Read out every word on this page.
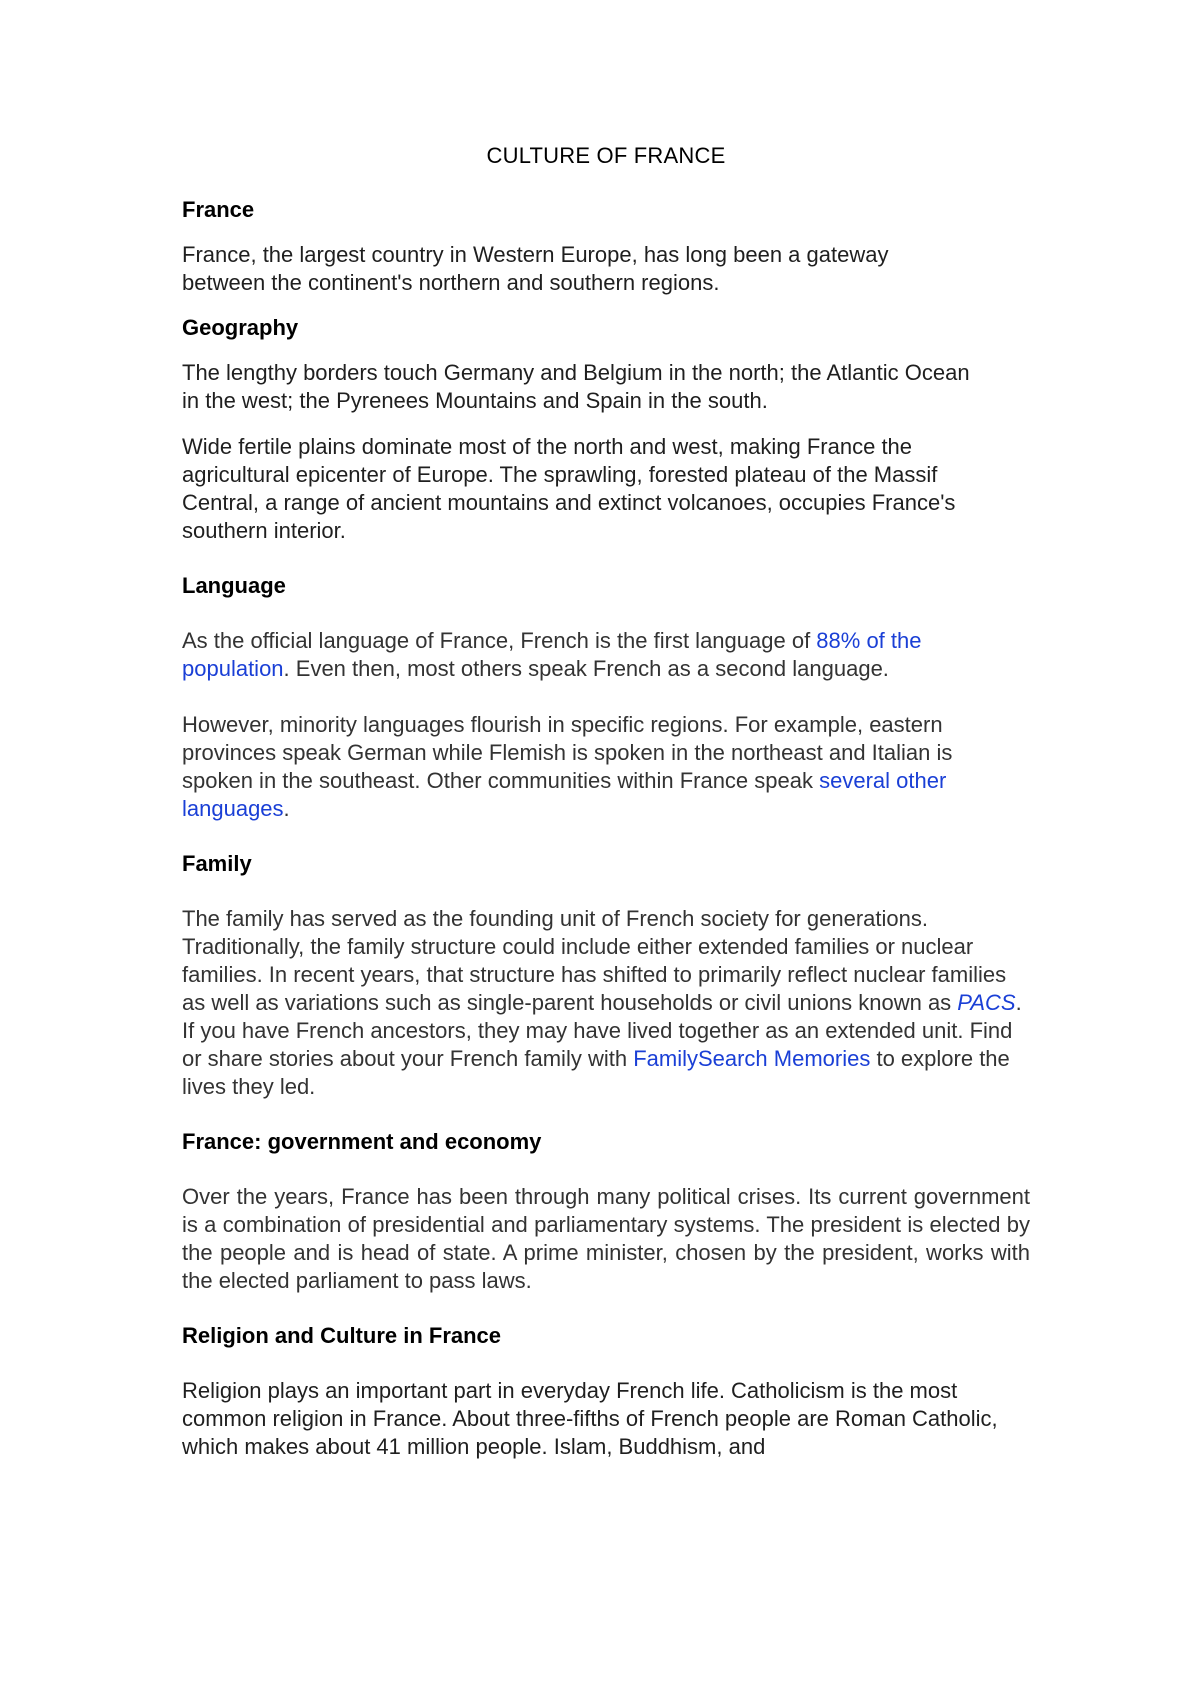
CULTURE OF FRANCE
France

France, the largest country in Western Europe, has long been a gateway between the continent's northern and southern regions.

Geography

The lengthy borders touch Germany and Belgium in the north; the Atlantic Ocean in the west; the Pyrenees Mountains and Spain in the south.

Wide fertile plains dominate most of the north and west, making France the agricultural epicenter of Europe. The sprawling, forested plateau of the Massif Central, a range of ancient mountains and extinct volcanoes, occupies France's southern interior.

Language

As the official language of France, French is the first language of 88% of the population. Even then, most others speak French as a second language.

However, minority languages flourish in specific regions. For example, eastern provinces speak German while Flemish is spoken in the northeast and Italian is spoken in the southeast. Other communities within France speak several other languages.

Family

The family has served as the founding unit of French society for generations. Traditionally, the family structure could include either extended families or nuclear families. In recent years, that structure has shifted to primarily reflect nuclear families as well as variations such as single-parent households or civil unions known as PACS. If you have French ancestors, they may have lived together as an extended unit. Find or share stories about your French family with FamilySearch Memories to explore the lives they led.

France: government and economy

Over the years, France has been through many political crises. Its current government is a combination of presidential and parliamentary systems. The president is elected by the people and is head of state. A prime minister, chosen by the president, works with the elected parliament to pass laws.

Religion and Culture in France

Religion plays an important part in everyday French life. Catholicism is the most common religion in France. About three-fifths of French people are Roman Catholic, which makes about 41 million people. Islam, Buddhism, and
